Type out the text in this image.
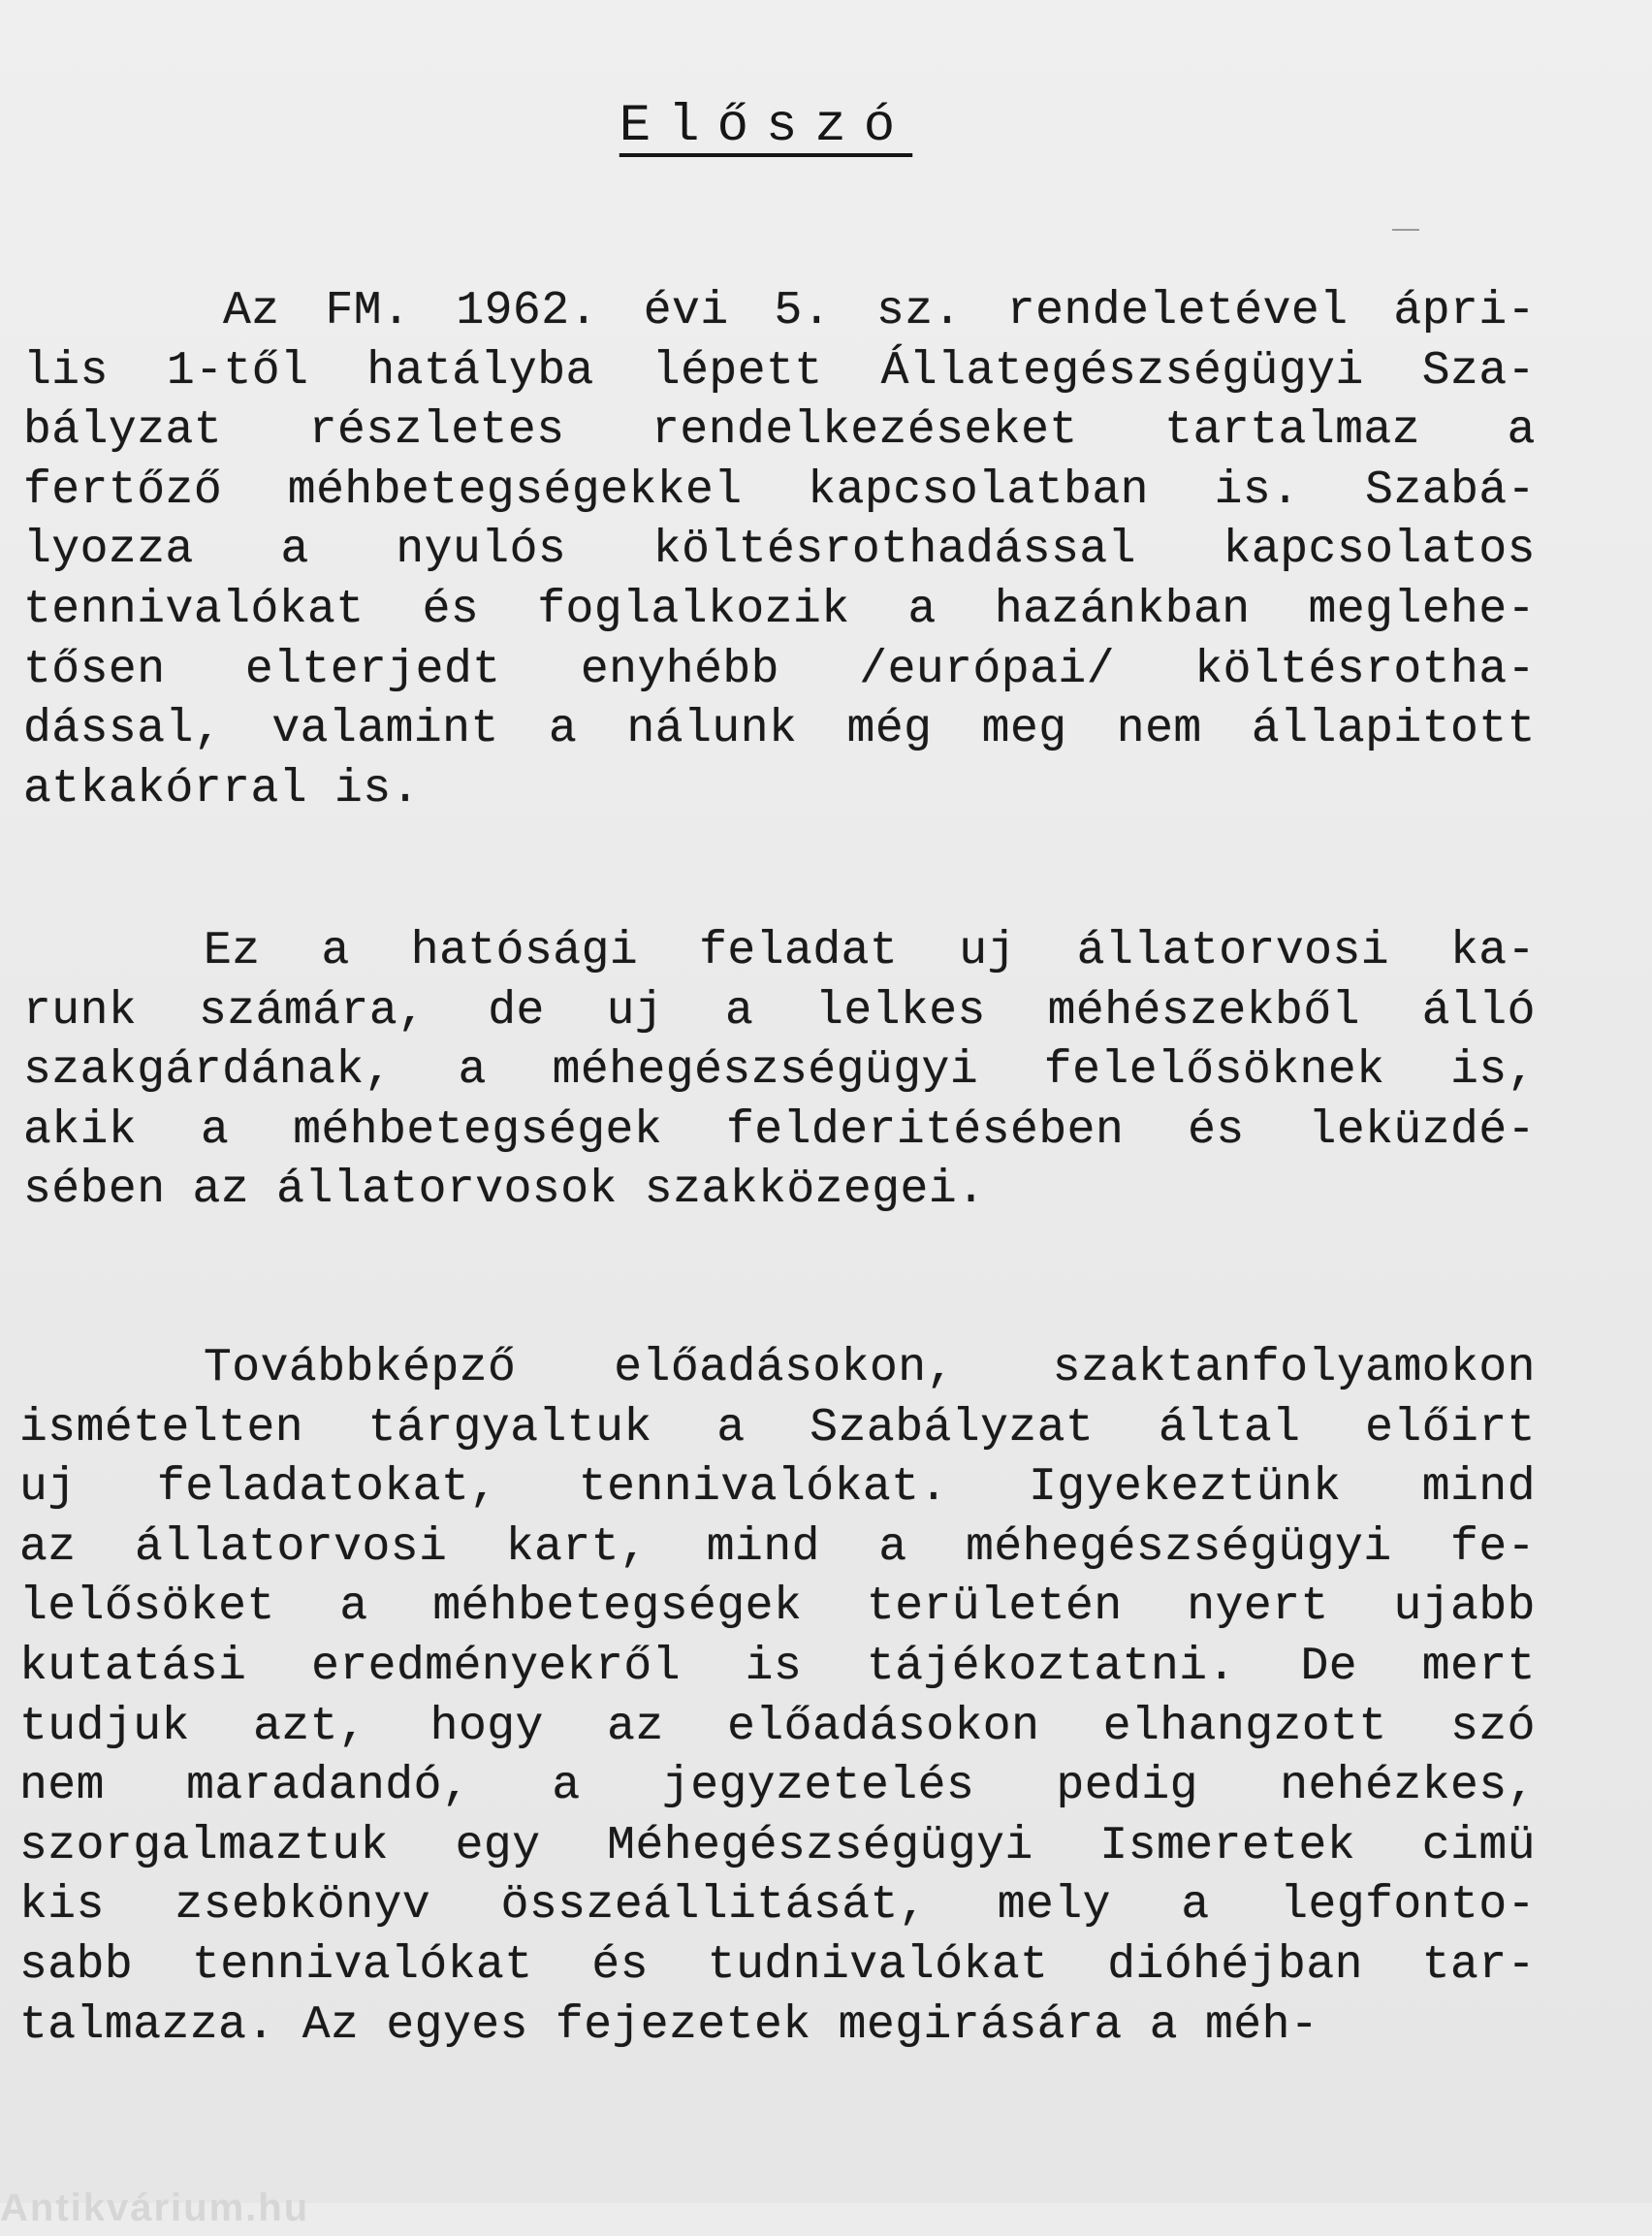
Előszó
Az FM. 1962. évi 5. sz. rendeletével ápri-
lis 1-től hatályba lépett Állategészségügyi Sza-
bályzat részletes rendelkezéseket tartalmaz a
fertőző méhbetegségekkel kapcsolatban is. Szabá-
lyozza a nyulós költésrothadással kapcsolatos
tennivalókat és foglalkozik a hazánkban meglehe-
tősen elterjedt enyhébb /európai/ költésrotha-
dással, valamint a nálunk még meg nem állapitott
atkakórral is.
Ez a hatósági feladat uj állatorvosi ka-
runk számára, de uj a lelkes méhészekből álló
szakgárdának, a méhegészségügyi felelősöknek is,
akik a méhbetegségek felderitésében és leküzdé-
sében az állatorvosok szakközegei.
Továbbképző előadásokon, szaktanfolyamokon
ismételten tárgyaltuk a Szabályzat által előirt
uj feladatokat, tennivalókat. Igyekeztünk mind
az állatorvosi kart, mind a méhegészségügyi fe-
lelősöket a méhbetegségek területén nyert ujabb
kutatási eredményekről is tájékoztatni. De mert
tudjuk azt, hogy az előadásokon elhangzott szó
nem maradandó, a jegyzetelés pedig nehézkes,
szorgalmaztuk egy Méhegészségügyi Ismeretek cimü
kis zsebkönyv összeállitását, mely a legfonto-
sabb tennivalókat és tudnivalókat dióhéjban tar-
talmazza. Az egyes fejezetek megirására a méh-
Antikvárium.hu
